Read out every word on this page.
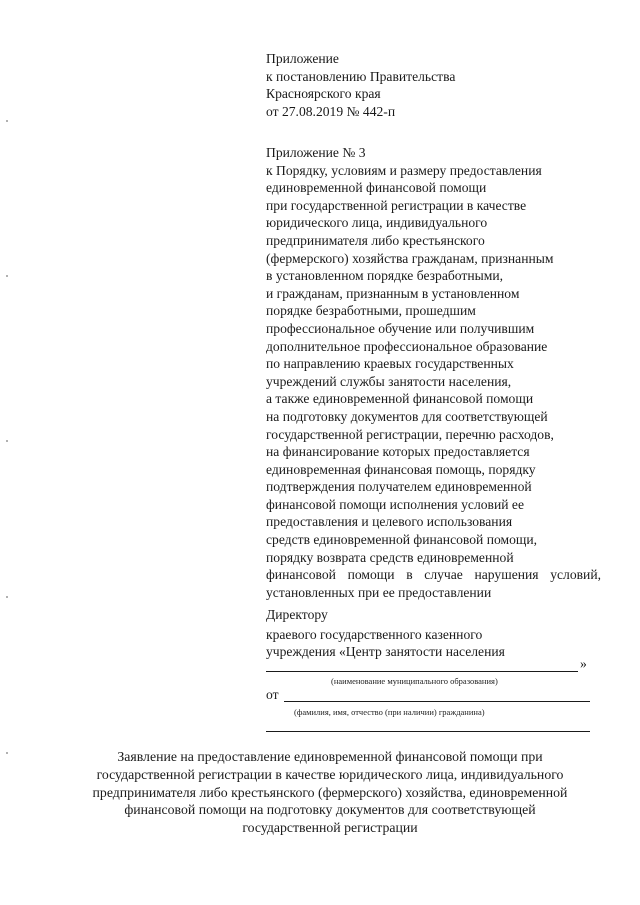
Приложение
к постановлению Правительства
Красноярского края
от 27.08.2019 № 442-п
Приложение № 3
к Порядку, условиям и размеру предоставления
единовременной финансовой помощи
при государственной регистрации в качестве
юридического лица, индивидуального
предпринимателя либо крестьянского
(фермерского) хозяйства гражданам, признанным
в установленном порядке безработными,
и гражданам, признанным в установленном
порядке безработными, прошедшим
профессиональное обучение или получившим
дополнительное профессиональное образование
по направлению краевых государственных
учреждений службы занятости населения,
а также единовременной финансовой помощи
на подготовку документов для соответствующей
государственной регистрации, перечню расходов,
на финансирование которых предоставляется
единовременная финансовая помощь, порядку
подтверждения получателем единовременной
финансовой помощи исполнения условий ее
предоставления и целевого использования
средств единовременной финансовой помощи,
порядку возврата средств единовременной
финансовой помощи в случае нарушения условий,
установленных при ее предоставлении
Директору
краевого государственного казенного
учреждения «Центр занятости населения
»
(наименование муниципального образования)
от
(фамилия, имя, отчество (при наличии) гражданина)
Заявление на предоставление единовременной финансовой помощи при
государственной регистрации в качестве юридического лица, индивидуального
предпринимателя либо крестьянского (фермерского) хозяйства, единовременной
финансовой помощи на подготовку документов для соответствующей
государственной регистрации
